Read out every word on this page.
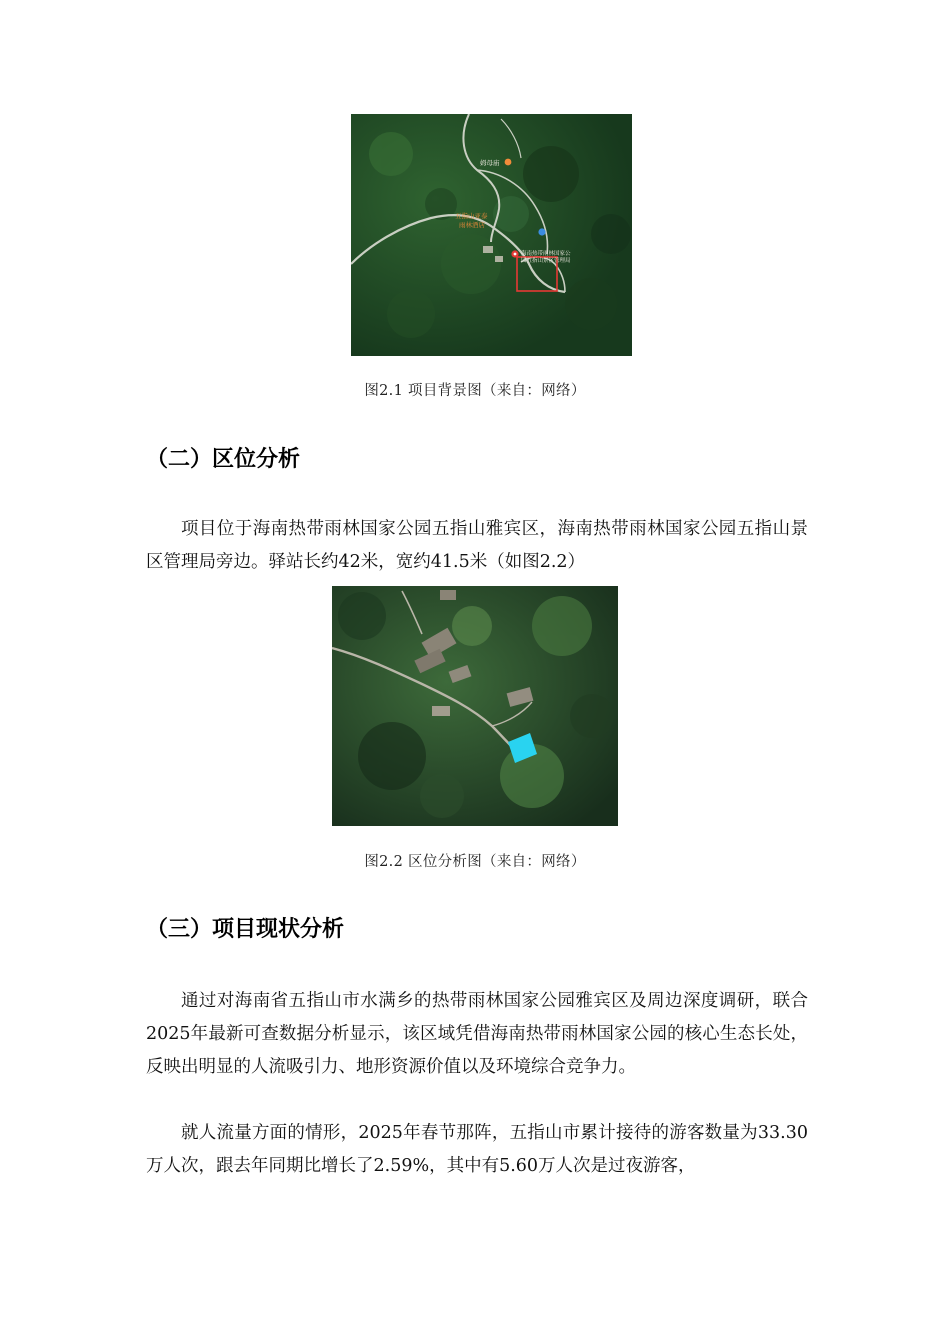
姆母庙
五指山亚泰
雨林酒店
海南热带雨林国家公
园五指山景区管理局
图2.1 项目背景图（来自：网络）
（二）区位分析
项目位于海南热带雨林国家公园五指山雅宾区，海南热带雨林国家公园五指山景区管理局旁边。驿站长约42米，宽约41.5米（如图2.2）
图2.2 区位分析图（来自：网络）
（三）项目现状分析
通过对海南省五指山市水满乡的热带雨林国家公园雅宾区及周边深度调研，联合2025年最新可查数据分析显示，该区域凭借海南热带雨林国家公园的核心生态长处，反映出明显的人流吸引力、地形资源价值以及环境综合竞争力。
就人流量方面的情形，2025年春节那阵，五指山市累计接待的游客数量为33.30万人次，跟去年同期比增长了2.59%，其中有5.60万人次是过夜游客，
